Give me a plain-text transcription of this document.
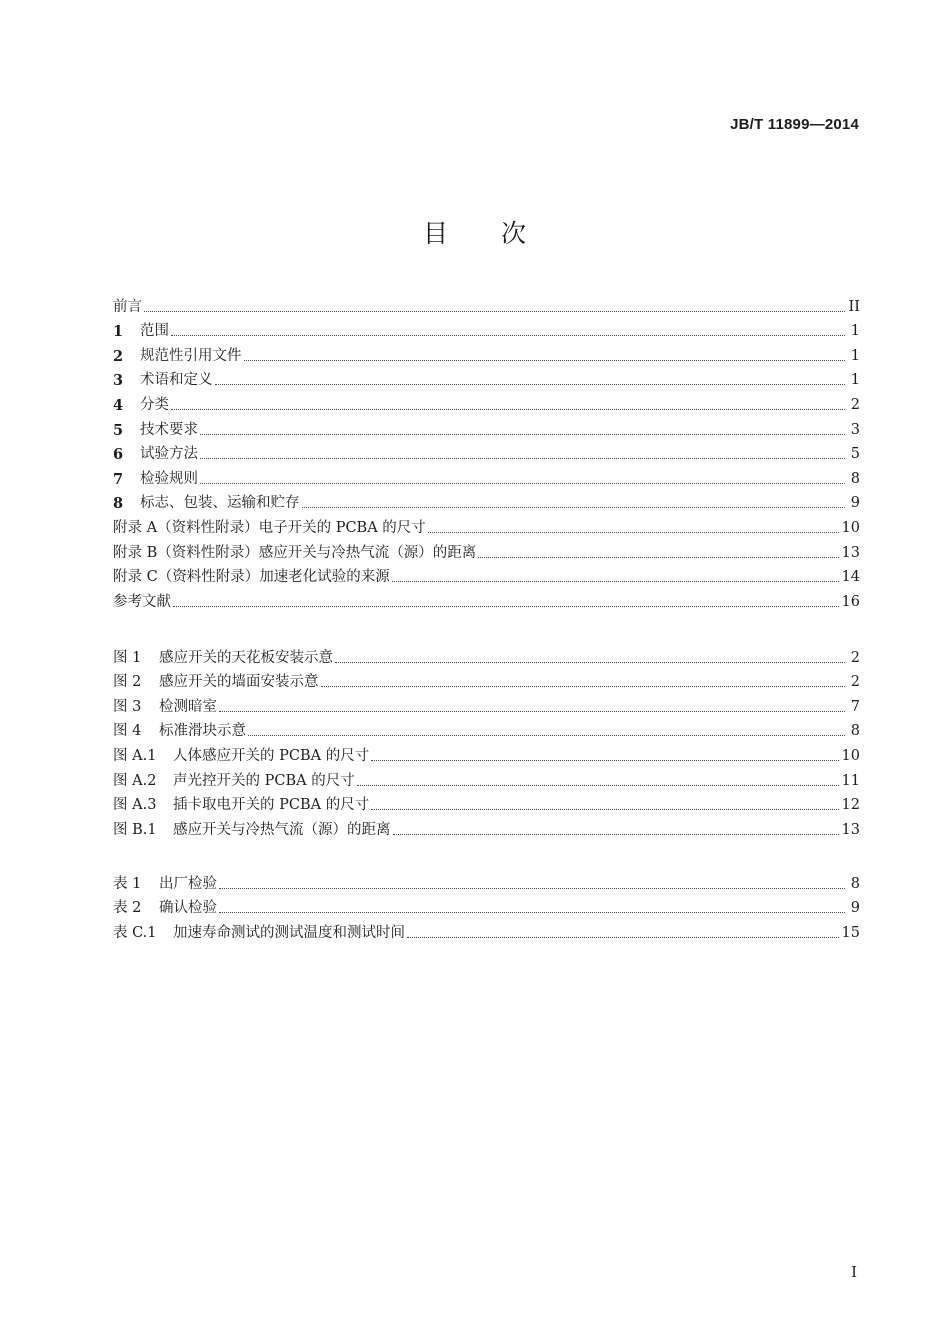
JB/T 11899—2014
目 次
前言	II
1	范围	1
2	规范性引用文件	1
3	术语和定义	1
4	分类	2
5	技术要求	3
6	试验方法	5
7	检验规则	8
8	标志、包装、运输和贮存	9
附录 A（资料性附录）电子开关的 PCBA 的尺寸	10
附录 B（资料性附录）感应开关与冷热气流（源）的距离	13
附录 C（资料性附录）加速老化试验的来源	14
参考文献	16
图 1	感应开关的天花板安装示意	2
图 2	感应开关的墙面安装示意	2
图 3	检测暗室	7
图 4	标准滑块示意	8
图 A.1	人体感应开关的 PCBA 的尺寸	10
图 A.2	声光控开关的 PCBA 的尺寸	11
图 A.3	插卡取电开关的 PCBA 的尺寸	12
图 B.1	感应开关与冷热气流（源）的距离	13
表 1	出厂检验	8
表 2	确认检验	9
表 C.1	加速寿命测试的测试温度和测试时间	15
I
